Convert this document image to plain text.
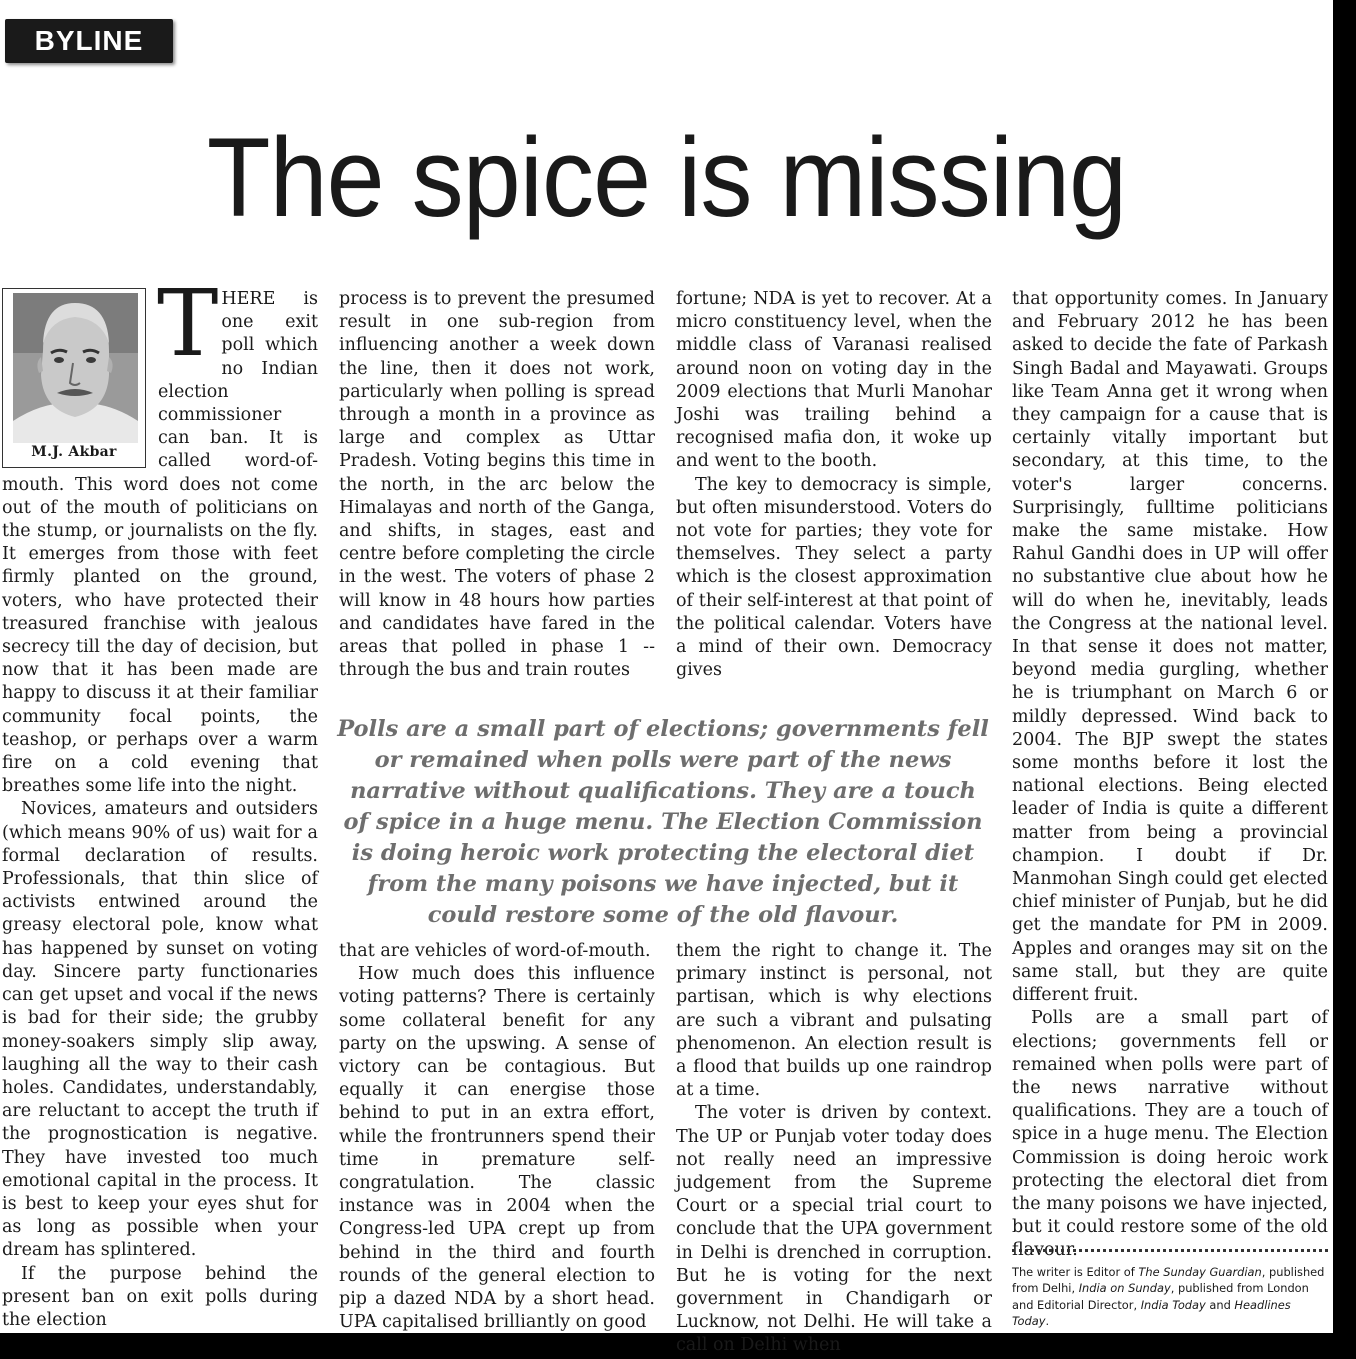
BYLINE
The spice is missing
M.J. Akbar
T HERE is one exit poll which no Indian election commissioner can ban. It is called word-of-mouth. This word does not come out of the mouth of politicians on the stump, or journalists on the fly. It emerges from those with feet firmly planted on the ground, voters, who have protected their treasured franchise with jealous secrecy till the day of decision, but now that it has been made are happy to discuss it at their familiar community focal points, the teashop, or perhaps over a warm fire on a cold evening that breathes some life into the night.

Novices, amateurs and outsiders (which means 90% of us) wait for a formal declaration of results. Professionals, that thin slice of activists entwined around the greasy electoral pole, know what has happened by sunset on voting day. Sincere party functionaries can get upset and vocal if the news is bad for their side; the grubby money-soakers simply slip away, laughing all the way to their cash holes. Candidates, understandably, are reluctant to accept the truth if the prognostication is negative. They have invested too much emotional capital in the process. It is best to keep your eyes shut for as long as possible when your dream has splintered.

If the purpose behind the present ban on exit polls during the election

process is to prevent the presumed result in one sub-region from influencing another a week down the line, then it does not work, particularly when polling is spread through a month in a province as large and complex as Uttar Pradesh. Voting begins this time in the north, in the arc below the Himalayas and north of the Ganga, and shifts, in stages, east and centre before completing the circle in the west. The voters of phase 2 will know in 48 hours how parties and candidates have fared in the areas that polled in phase 1 -- through the bus and train routes

fortune; NDA is yet to recover. At a micro constituency level, when the middle class of Varanasi realised around noon on voting day in the 2009 elections that Murli Manohar Joshi was trailing behind a recognised mafia don, it woke up and went to the booth.

The key to democracy is simple, but often misunderstood. Voters do not vote for parties; they vote for themselves. They select a party which is the closest approximation of their self-interest at that point of the political calendar. Voters have a mind of their own. Democracy gives

Polls are a small part of elections; governments fell or remained when polls were part of the news narrative without qualifications. They are a touch of spice in a huge menu. The Election Commission is doing heroic work protecting the electoral diet from the many poisons we have injected, but it could restore some of the old flavour.

that are vehicles of word-of-mouth.

How much does this influence voting patterns? There is certainly some collateral benefit for any party on the upswing. A sense of victory can be contagious. But equally it can energise those behind to put in an extra effort, while the frontrunners spend their time in premature self-congratulation. The classic instance was in 2004 when the Congress-led UPA crept up from behind in the third and fourth rounds of the general election to pip a dazed NDA by a short head. UPA capitalised brilliantly on good

them the right to change it. The primary instinct is personal, not partisan, which is why elections are such a vibrant and pulsating phenomenon. An election result is a flood that builds up one raindrop at a time.

The voter is driven by context. The UP or Punjab voter today does not really need an impressive judgement from the Supreme Court or a special trial court to conclude that the UPA government in Delhi is drenched in corruption. But he is voting for the next government in Chandigarh or Lucknow, not Delhi. He will take a call on Delhi when

that opportunity comes. In January and February 2012 he has been asked to decide the fate of Parkash Singh Badal and Mayawati. Groups like Team Anna get it wrong when they campaign for a cause that is certainly vitally important but secondary, at this time, to the voter's larger concerns. Surprisingly, fulltime politicians make the same mistake. How Rahul Gandhi does in UP will offer no substantive clue about how he will do when he, inevitably, leads the Congress at the national level. In that sense it does not matter, beyond media gurgling, whether he is triumphant on March 6 or mildly depressed. Wind back to 2004. The BJP swept the states some months before it lost the national elections. Being elected leader of India is quite a different matter from being a provincial champion. I doubt if Dr. Manmohan Singh could get elected chief minister of Punjab, but he did get the mandate for PM in 2009. Apples and oranges may sit on the same stall, but they are quite different fruit.

Polls are a small part of elections; governments fell or remained when polls were part of the news narrative without qualifications. They are a touch of spice in a huge menu. The Election Commission is doing heroic work protecting the electoral diet from the many poisons we have injected, but it could restore some of the old flavour.

The writer is Editor of The Sunday Guardian, published from Delhi, India on Sunday, published from London and Editorial Director, India Today and Headlines Today.
